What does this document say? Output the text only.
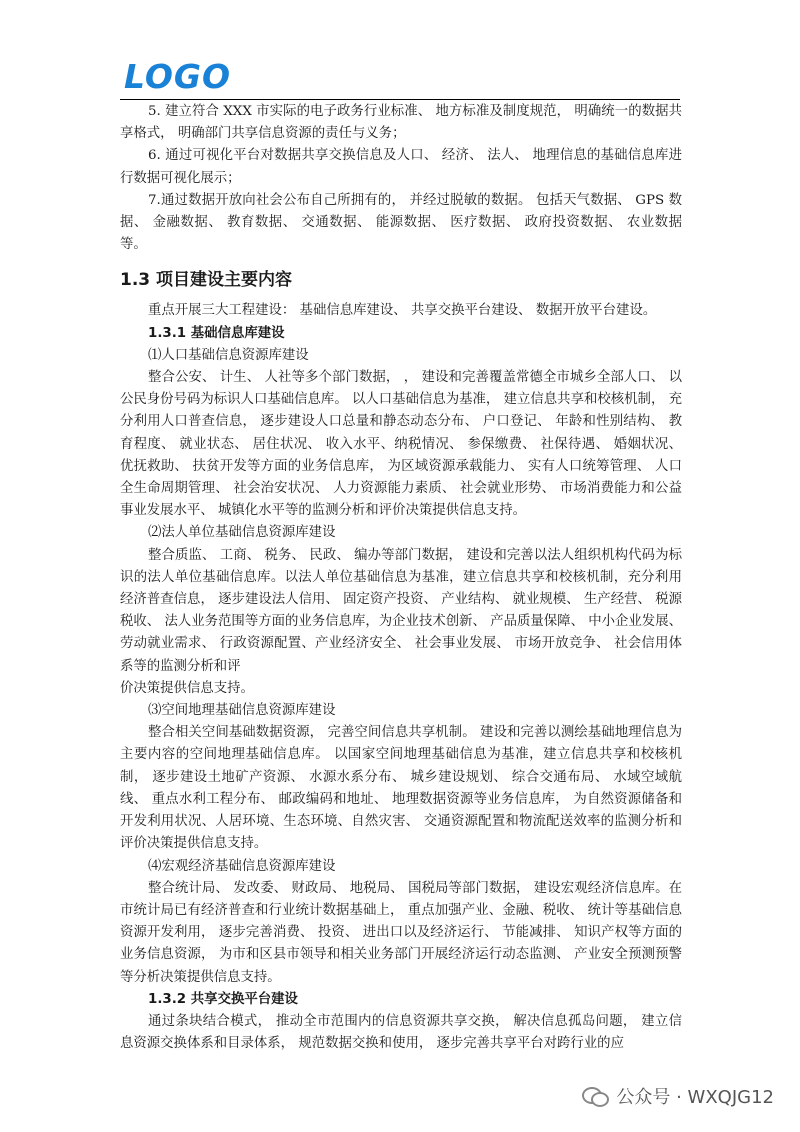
LOGO

5. 建立符合 XXX 市实际的电子政务行业标准、 地方标准及制度规范， 明确统一的数据共享格式， 明确部门共享信息资源的责任与义务；

6. 通过可视化平台对数据共享交换信息及人口、 经济、 法人、 地理信息的基础信息库进行数据可视化展示；

7.通过数据开放向社会公布自己所拥有的， 并经过脱敏的数据。 包括天气数据、 GPS 数据、 金融数据、 教育数据、 交通数据、 能源数据、 医疗数据、 政府投资数据、 农业数据等。

1.3 项目建设主要内容

重点开展三大工程建设： 基础信息库建设、 共享交换平台建设、 数据开放平台建设。

1.3.1 基础信息库建设

⑴人口基础信息资源库建设

整合公安、 计生、 人社等多个部门数据， ， 建设和完善覆盖常德全市城乡全部人口、 以公民身份号码为标识人口基础信息库。 以人口基础信息为基准， 建立信息共享和校核机制， 充分利用人口普查信息， 逐步建设人口总量和静态动态分布、 户口登记、 年龄和性别结构、 教育程度、 就业状态、 居住状况、 收入水平、纳税情况、 参保缴费、 社保待遇、 婚姻状况、 优抚救助、 扶贫开发等方面的业务信息库， 为区域资源承载能力、 实有人口统筹管理、 人口全生命周期管理、 社会治安状况、 人力资源能力素质、 社会就业形势、 市场消费能力和公益事业发展水平、 城镇化水平等的监测分析和评价决策提供信息支持。

⑵法人单位基础信息资源库建设

整合质监、 工商、 税务、 民政、 编办等部门数据， 建设和完善以法人组织机构代码为标识的法人单位基础信息库。以法人单位基础信息为基准，建立信息共享和校核机制，充分利用经济普查信息， 逐步建设法人信用、 固定资产投资、 产业结构、 就业规模、 生产经营、 税源税收、 法人业务范围等方面的业务信息库，为企业技术创新、 产品质量保障、 中小企业发展、 劳动就业需求、 行政资源配置、产业经济安全、 社会事业发展、 市场开放竞争、 社会信用体系等的监测分析和评

价决策提供信息支持。

⑶空间地理基础信息资源库建设

整合相关空间基础数据资源， 完善空间信息共享机制。 建设和完善以测绘基础地理信息为主要内容的空间地理基础信息库。 以国家空间地理基础信息为基准，建立信息共享和校核机制， 逐步建设土地矿产资源、 水源水系分布、 城乡建设规划、 综合交通布局、 水域空域航线、 重点水利工程分布、 邮政编码和地址、 地理数据资源等业务信息库， 为自然资源储备和开发利用状况、人居环境、生态环境、自然灾害、 交通资源配置和物流配送效率的监测分析和评价决策提供信息支持。

⑷宏观经济基础信息资源库建设

整合统计局、 发改委、 财政局、 地税局、 国税局等部门数据， 建设宏观经济信息库。在市统计局已有经济普查和行业统计数据基础上， 重点加强产业、金融、税收、 统计等基础信息资源开发利用， 逐步完善消费、 投资、 进出口以及经济运行、 节能减排、 知识产权等方面的业务信息资源， 为市和区县市领导和相关业务部门开展经济运行动态监测、 产业安全预测预警等分析决策提供信息支持。

1.3.2 共享交换平台建设

通过条块结合模式， 推动全市范围内的信息资源共享交换， 解决信息孤岛问题， 建立信息资源交换体系和目录体系， 规范数据交换和使用， 逐步完善共享平台对跨行业的应

公众号 · WXQJG12
